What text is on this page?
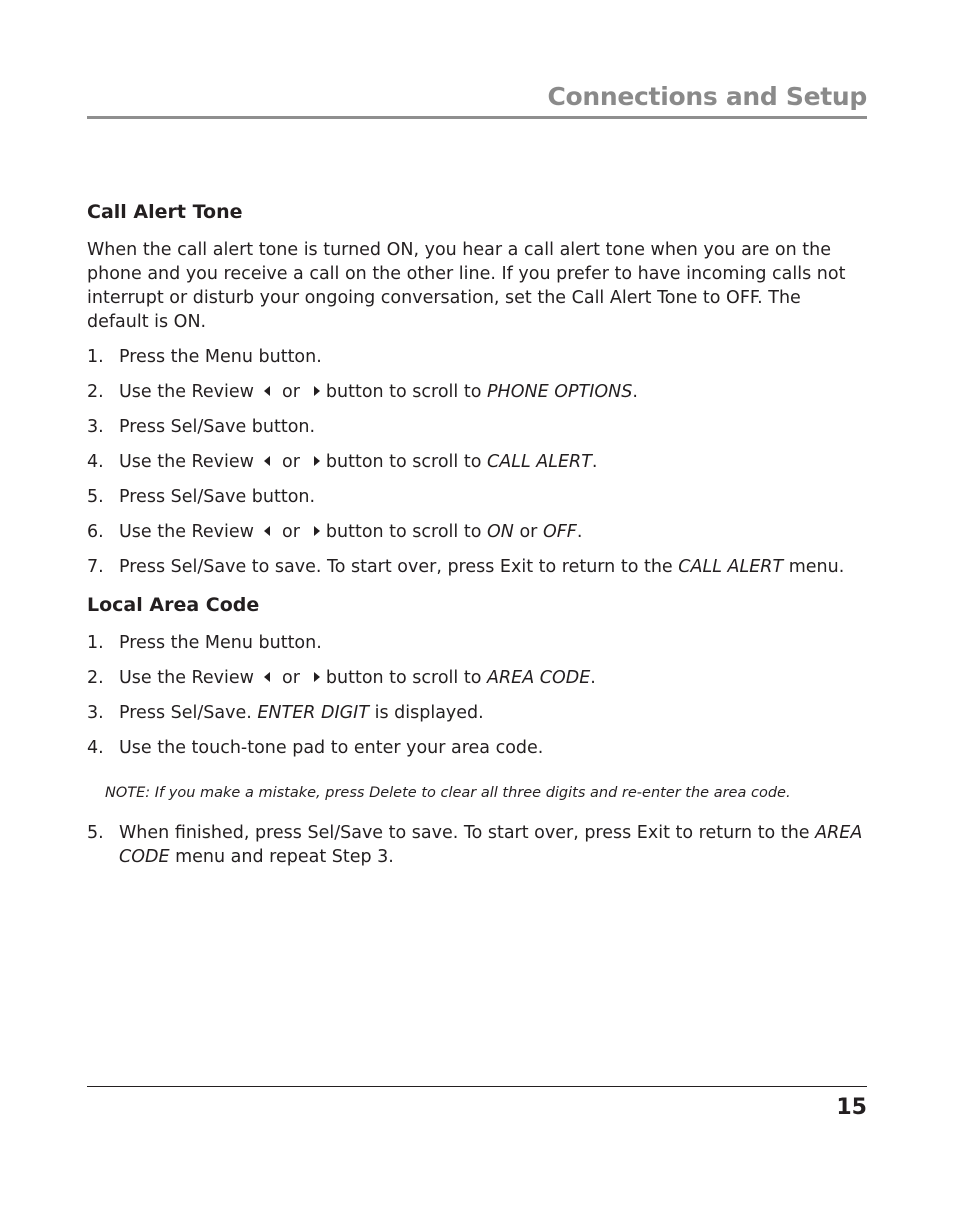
Connections and Setup
Call Alert Tone

When the call alert tone is turned ON, you hear a call alert tone when you are on the phone and you receive a call on the other line. If you prefer to have incoming calls not interrupt or disturb your ongoing conversation, set the Call Alert Tone to OFF. The default is ON.

1. Press the Menu button.
2. Use the Review or button to scroll to PHONE OPTIONS.
3. Press Sel/Save button.
4. Use the Review or button to scroll to CALL ALERT.
5. Press Sel/Save button.
6. Use the Review or button to scroll to ON or OFF.
7. Press Sel/Save to save. To start over, press Exit to return to the CALL ALERT menu.
Local Area Code
1. Press the Menu button.
2. Use the Review or button to scroll to AREA CODE.
3. Press Sel/Save. ENTER DIGIT is displayed.
4. Use the touch-tone pad to enter your area code.

NOTE: If you make a mistake, press Delete to clear all three digits and re-enter the area code.

5. When finished, press Sel/Save to save. To start over, press Exit to return to the AREA CODE menu and repeat Step 3.
15
